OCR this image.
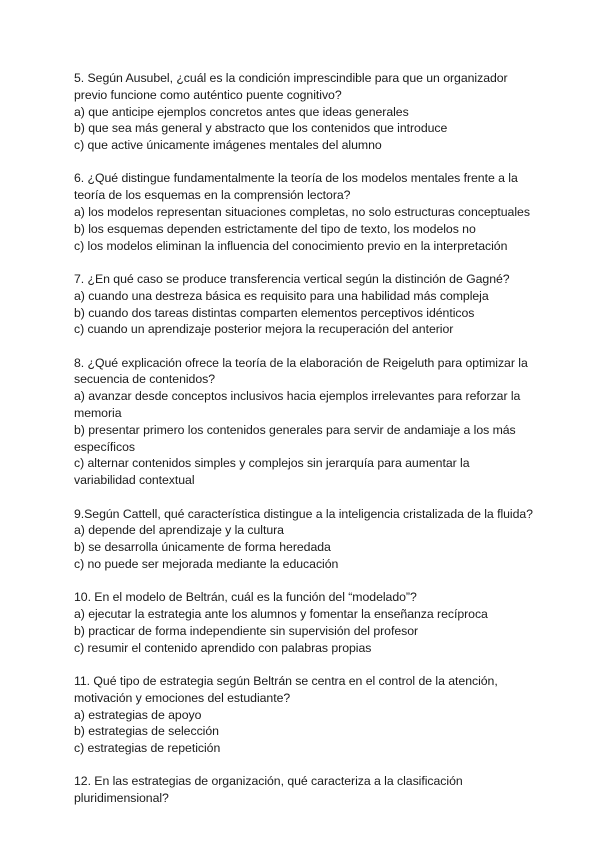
5. Según Ausubel, ¿cuál es la condición imprescindible para que un organizador previo funcione como auténtico puente cognitivo?
a) que anticipe ejemplos concretos antes que ideas generales
b) que sea más general y abstracto que los contenidos que introduce
c) que active únicamente imágenes mentales del alumno
6. ¿Qué distingue fundamentalmente la teoría de los modelos mentales frente a la teoría de los esquemas en la comprensión lectora?
a) los modelos representan situaciones completas, no solo estructuras conceptuales
b) los esquemas dependen estrictamente del tipo de texto, los modelos no
c) los modelos eliminan la influencia del conocimiento previo en la interpretación
7. ¿En qué caso se produce transferencia vertical según la distinción de Gagné?
a) cuando una destreza básica es requisito para una habilidad más compleja
b) cuando dos tareas distintas comparten elementos perceptivos idénticos
c) cuando un aprendizaje posterior mejora la recuperación del anterior
8. ¿Qué explicación ofrece la teoría de la elaboración de Reigeluth para optimizar la secuencia de contenidos?
a) avanzar desde conceptos inclusivos hacia ejemplos irrelevantes para reforzar la memoria
b) presentar primero los contenidos generales para servir de andamiaje a los más específicos
c) alternar contenidos simples y complejos sin jerarquía para aumentar la variabilidad contextual
9.Según Cattell, qué característica distingue a la inteligencia cristalizada de la fluida?
a) depende del aprendizaje y la cultura
b) se desarrolla únicamente de forma heredada
c) no puede ser mejorada mediante la educación
10. En el modelo de Beltrán, cuál es la función del “modelado”?
a) ejecutar la estrategia ante los alumnos y fomentar la enseñanza recíproca
b) practicar de forma independiente sin supervisión del profesor
c) resumir el contenido aprendido con palabras propias
11. Qué tipo de estrategia según Beltrán se centra en el control de la atención, motivación y emociones del estudiante?
a) estrategias de apoyo
b) estrategias de selección
c) estrategias de repetición
12. En las estrategias de organización, qué caracteriza a la clasificación pluridimensional?
